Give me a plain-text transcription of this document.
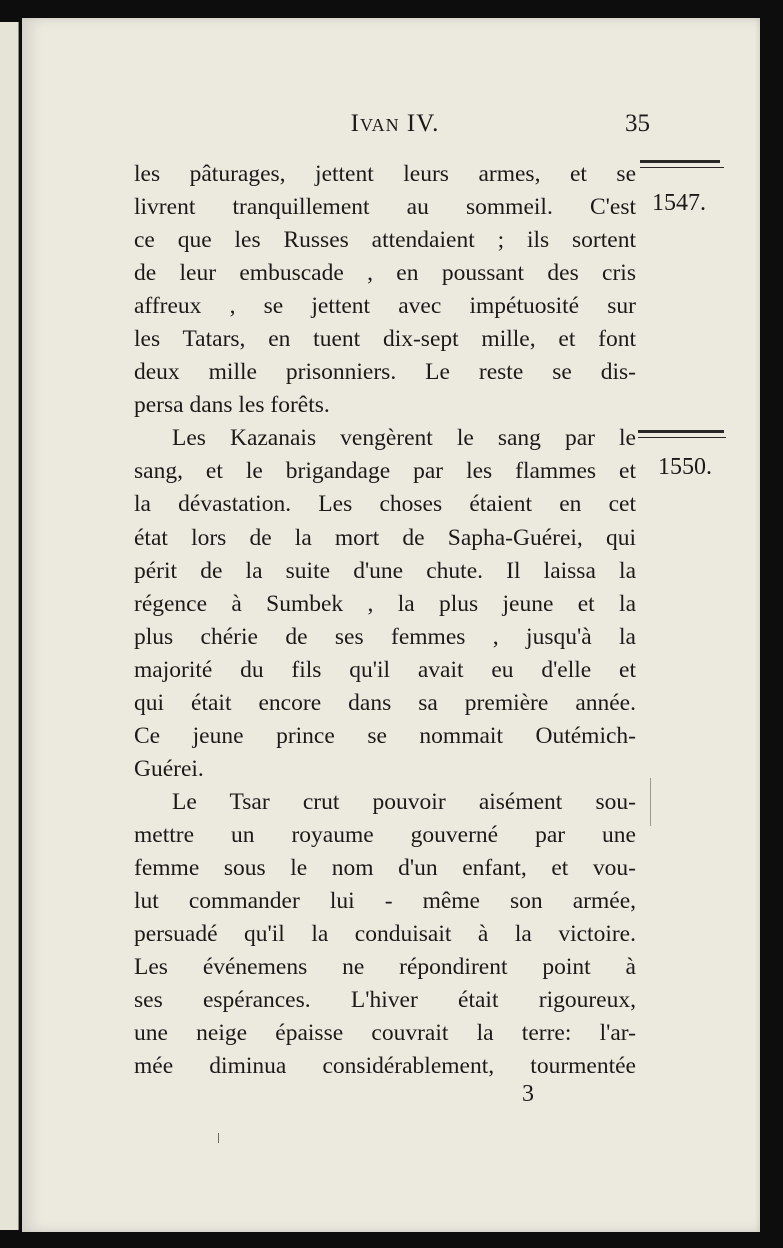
Ivan IV.	35
1547.
1550.
les pâturages, jettent leurs armes, et se
livrent tranquillement au sommeil. C'est
ce que les Russes attendaient ; ils sortent
de leur embuscade , en poussant des cris
affreux , se jettent avec impétuosité sur
les Tatars, en tuent dix-sept mille, et font
deux mille prisonniers. Le reste se dis-
persa dans les forêts.
Les Kazanais vengèrent le sang par le
sang, et le brigandage par les flammes et
la dévastation. Les choses étaient en cet
état lors de la mort de Sapha-Guérei, qui
périt de la suite d'une chute. Il laissa la
régence à Sumbek , la plus jeune et la
plus chérie de ses femmes , jusqu'à la
majorité du fils qu'il avait eu d'elle et
qui était encore dans sa première année.
Ce jeune prince se nommait Outémich-
Guérei.
Le Tsar crut pouvoir aisément sou-
mettre un royaume gouverné par une
femme sous le nom d'un enfant, et vou-
lut commander lui - même son armée,
persuadé qu'il la conduisait à la victoire.
Les événemens ne répondirent point à
ses espérances. L'hiver était rigoureux,
une neige épaisse couvrait la terre: l'ar-
mée diminua considérablement, tourmentée
3
